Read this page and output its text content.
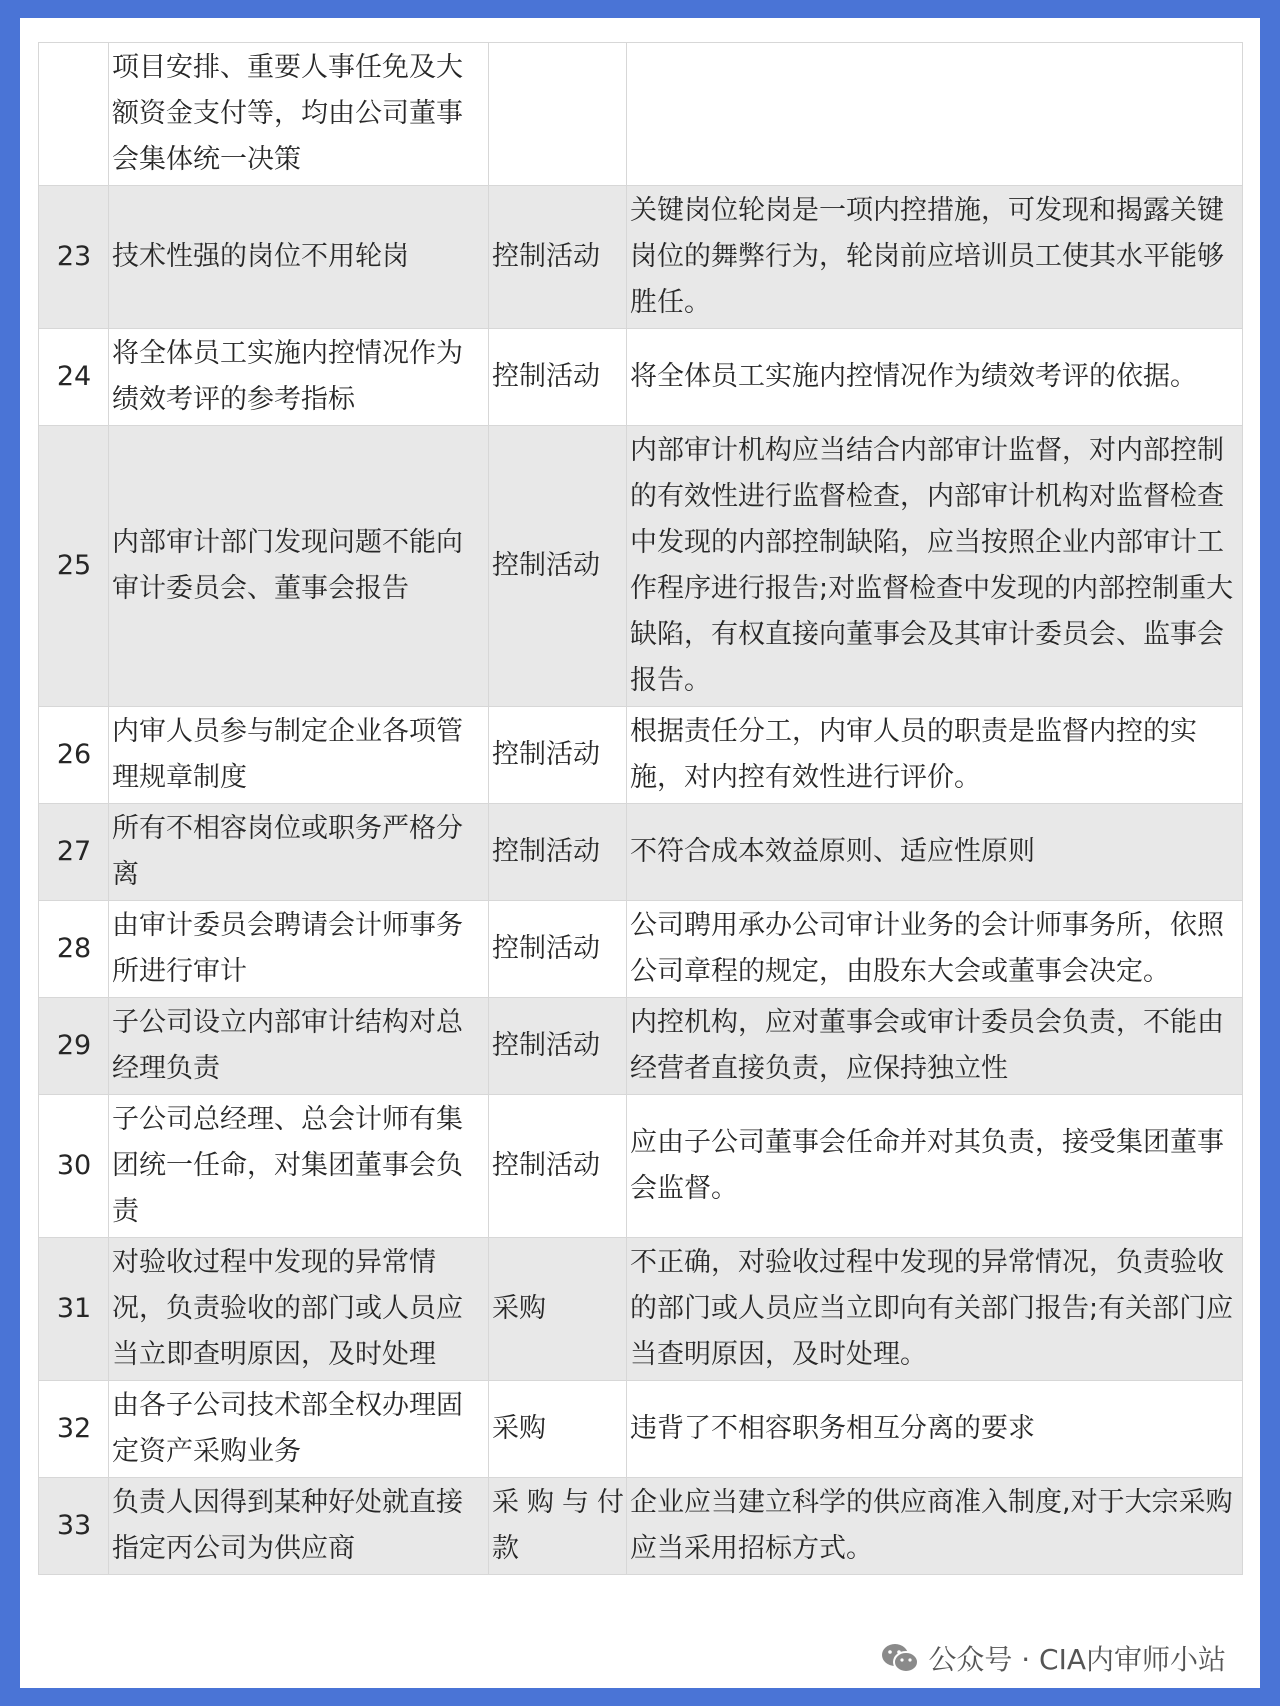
	项目安排、重要人事任免及大额资金支付等，均由公司董事会集体统一决策		
23	技术性强的岗位不用轮岗	控制活动	关键岗位轮岗是一项内控措施，可发现和揭露关键岗位的舞弊行为，轮岗前应培训员工使其水平能够胜任。
24	将全体员工实施内控情况作为绩效考评的参考指标	控制活动	将全体员工实施内控情况作为绩效考评的依据。
25	内部审计部门发现问题不能向审计委员会、董事会报告	控制活动	内部审计机构应当结合内部审计监督，对内部控制的有效性进行监督检查，内部审计机构对监督检查中发现的内部控制缺陷，应当按照企业内部审计工作程序进行报告;对监督检查中发现的内部控制重大缺陷，有权直接向董事会及其审计委员会、监事会报告。
26	内审人员参与制定企业各项管理规章制度	控制活动	根据责任分工，内审人员的职责是监督内控的实施，对内控有效性进行评价。
27	所有不相容岗位或职务严格分离	控制活动	不符合成本效益原则、适应性原则
28	由审计委员会聘请会计师事务所进行审计	控制活动	公司聘用承办公司审计业务的会计师事务所，依照公司章程的规定，由股东大会或董事会决定。
29	子公司设立内部审计结构对总经理负责	控制活动	内控机构，应对董事会或审计委员会负责，不能由经营者直接负责，应保持独立性
30	子公司总经理、总会计师有集团统一任命，对集团董事会负责	控制活动	应由子公司董事会任命并对其负责，接受集团董事会监督。
31	对验收过程中发现的异常情况，负责验收的部门或人员应当立即查明原因，及时处理	采购	不正确，对验收过程中发现的异常情况，负责验收的部门或人员应当立即向有关部门报告;有关部门应当查明原因，及时处理。
32	由各子公司技术部全权办理固定资产采购业务	采购	违背了不相容职务相互分离的要求
33	负责人因得到某种好处就直接指定丙公司为供应商	采购与付款	企业应当建立科学的供应商准入制度,对于大宗采购应当采用招标方式。
公众号 · CIA内审师小站
